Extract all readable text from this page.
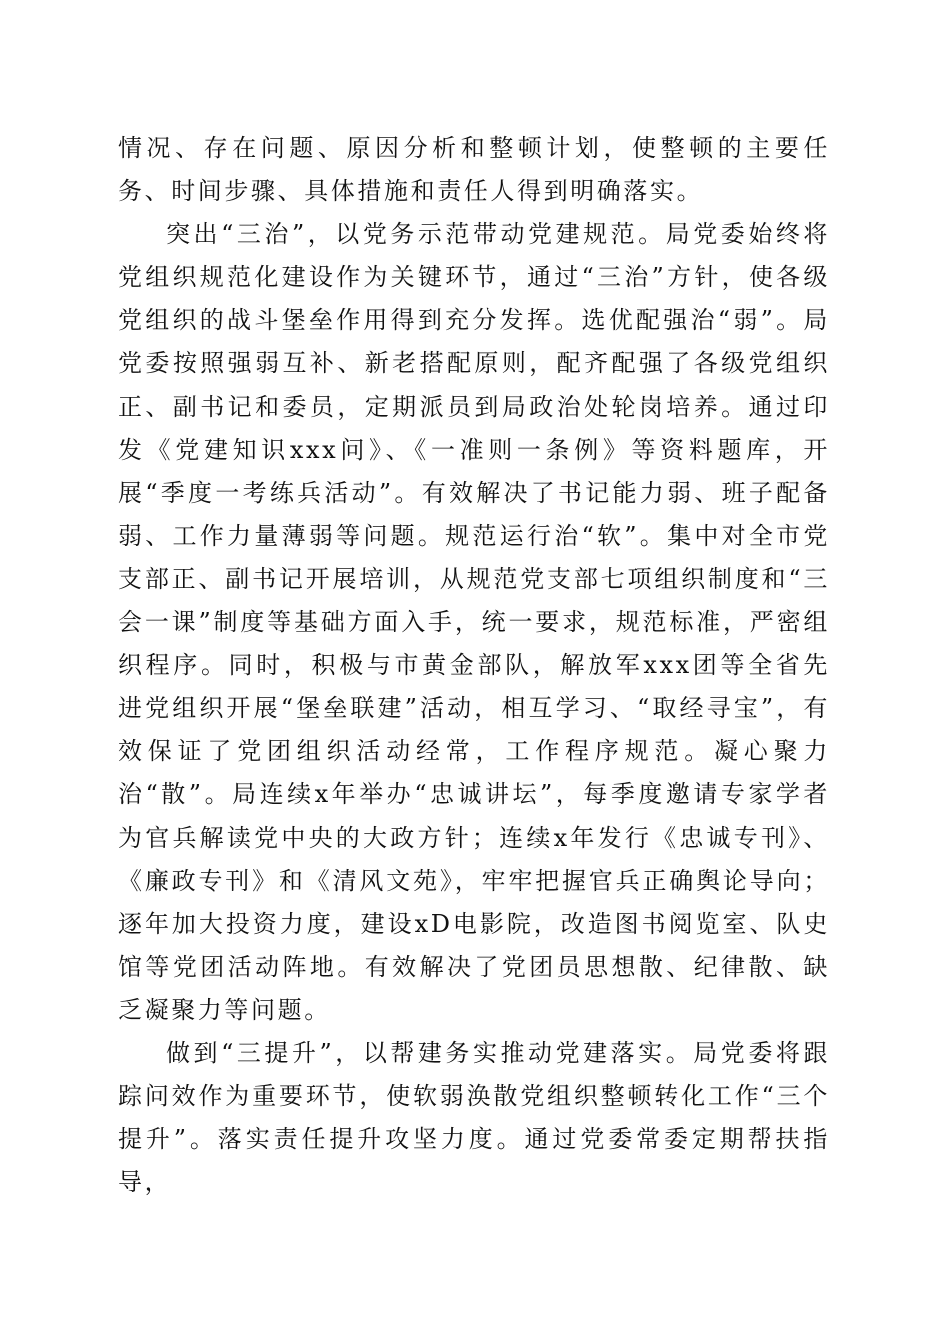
情况、存在问题、原因分析和整顿计划，使整顿的主要任务、时间步骤、具体措施和责任人得到明确落实。

突出“三治”，以党务示范带动党建规范。局党委始终将党组织规范化建设作为关键环节，通过“三治”方针，使各级党组织的战斗堡垒作用得到充分发挥。选优配强治“弱”。局党委按照强弱互补、新老搭配原则，配齐配强了各级党组织正、副书记和委员，定期派员到局政治处轮岗培养。通过印发《党建知识xxx问》、《一准则一条例》等资料题库，开展“季度一考练兵活动”。有效解决了书记能力弱、班子配备弱、工作力量薄弱等问题。规范运行治“软”。集中对全市党支部正、副书记开展培训，从规范党支部七项组织制度和“三会一课”制度等基础方面入手，统一要求，规范标准，严密组织程序。同时，积极与市黄金部队，解放军xxx团等全省先进党组织开展“堡垒联建”活动，相互学习、“取经寻宝”，有效保证了党团组织活动经常，工作程序规范。凝心聚力治“散”。局连续x年举办“忠诚讲坛”，每季度邀请专家学者为官兵解读党中央的大政方针；连续x年发行《忠诚专刊》、《廉政专刊》和《清风文苑》，牢牢把握官兵正确舆论导向；逐年加大投资力度，建设xD电影院，改造图书阅览室、队史馆等党团活动阵地。有效解决了党团员思想散、纪律散、缺乏凝聚力等问题。

做到“三提升”，以帮建务实推动党建落实。局党委将跟踪问效作为重要环节，使软弱涣散党组织整顿转化工作“三个提升”。落实责任提升攻坚力度。通过党委常委定期帮扶指导，
